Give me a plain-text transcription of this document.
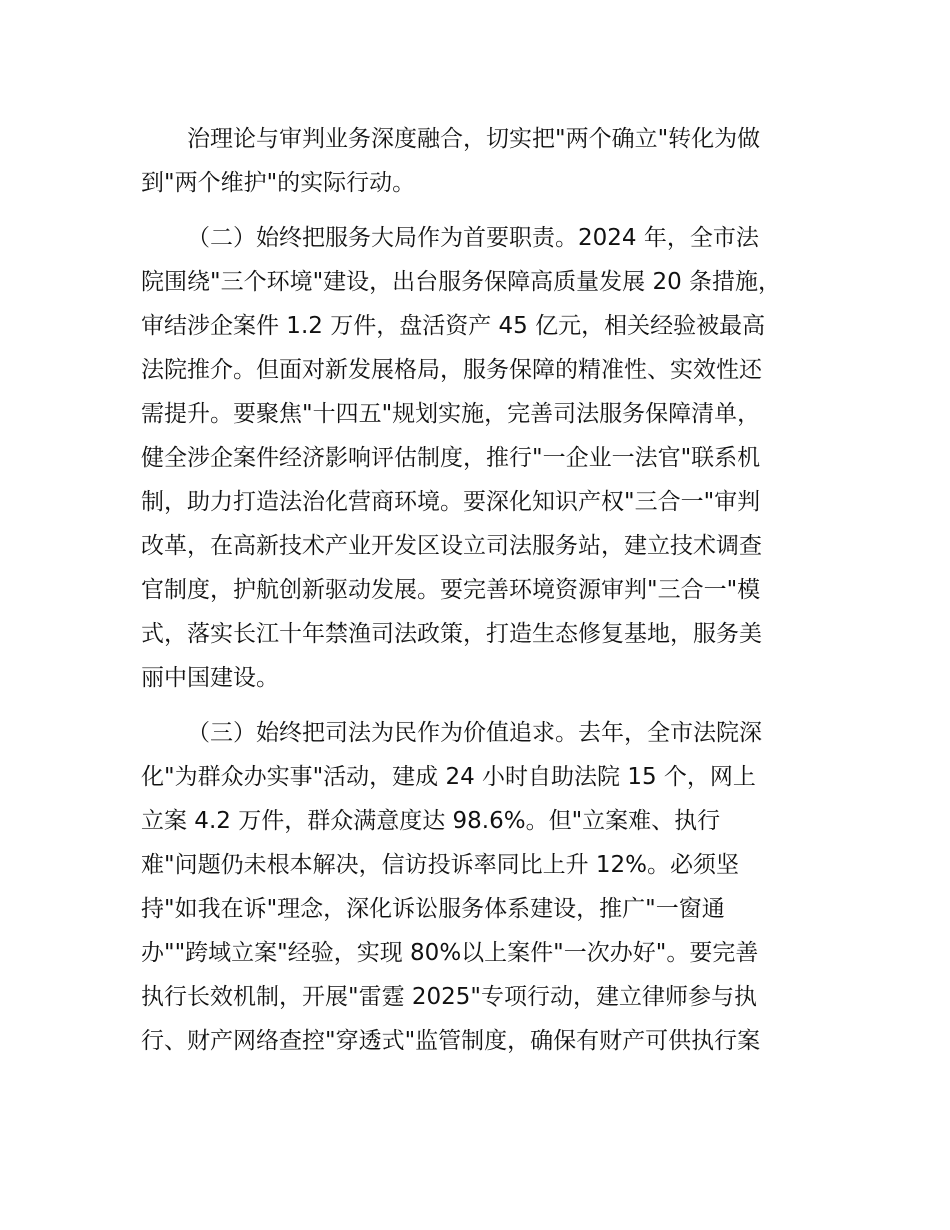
治理论与审判业务深度融合，切实把"两个确立"转化为做
到"两个维护"的实际行动。
（二）始终把服务大局作为首要职责。2024 年，全市法
院围绕"三个环境"建设，出台服务保障高质量发展 20 条措施，
审结涉企案件 1.2 万件，盘活资产 45 亿元，相关经验被最高
法院推介。但面对新发展格局，服务保障的精准性、实效性还
需提升。要聚焦"十四五"规划实施，完善司法服务保障清单，
健全涉企案件经济影响评估制度，推行"一企业一法官"联系机
制，助力打造法治化营商环境。要深化知识产权"三合一"审判
改革，在高新技术产业开发区设立司法服务站，建立技术调查
官制度，护航创新驱动发展。要完善环境资源审判"三合一"模
式，落实长江十年禁渔司法政策，打造生态修复基地，服务美
丽中国建设。
（三）始终把司法为民作为价值追求。去年，全市法院深
化"为群众办实事"活动，建成 24 小时自助法院 15 个，网上
立案 4.2 万件，群众满意度达 98.6%。但"立案难、执行
难"问题仍未根本解决，信访投诉率同比上升 12%。必须坚
持"如我在诉"理念，深化诉讼服务体系建设，推广"一窗通
办""跨域立案"经验，实现 80%以上案件"一次办好"。要完善
执行长效机制，开展"雷霆 2025"专项行动，建立律师参与执
行、财产网络查控"穿透式"监管制度，确保有财产可供执行案
